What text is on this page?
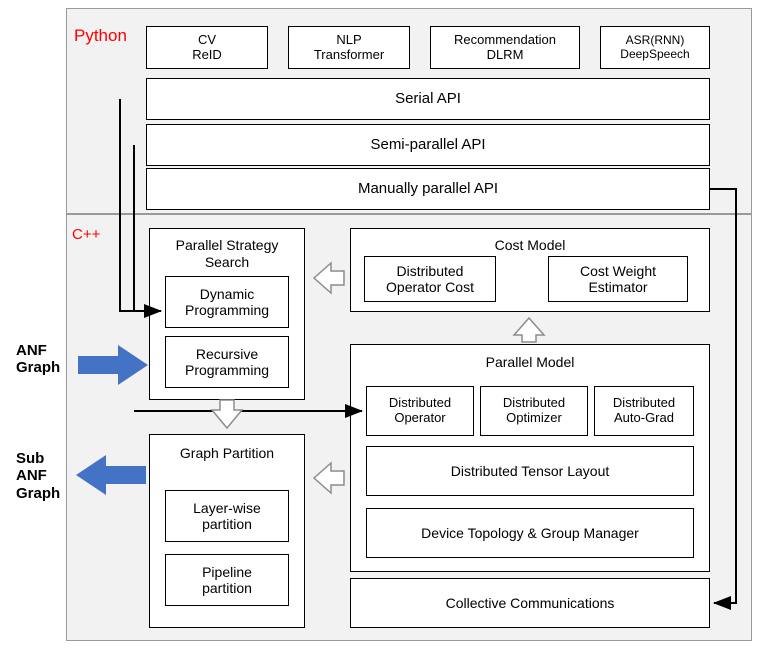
Python
C++
ANF
Graph
Sub
ANF
Graph
CV
ReID
NLP
Transformer
Recommendation
DLRM
ASR(RNN)
DeepSpeech
Serial API
Semi-parallel API
Manually parallel API
Parallel Strategy
Search
Dynamic
Programming
Recursive
Programming
Graph Partition
Layer-wise
partition
Pipeline
partition
Cost Model
Distributed
Operator Cost
Cost Weight
Estimator
Parallel Model
Distributed
Operator
Distributed
Optimizer
Distributed
Auto-Grad
Distributed Tensor Layout
Device Topology & Group Manager
Collective Communications
